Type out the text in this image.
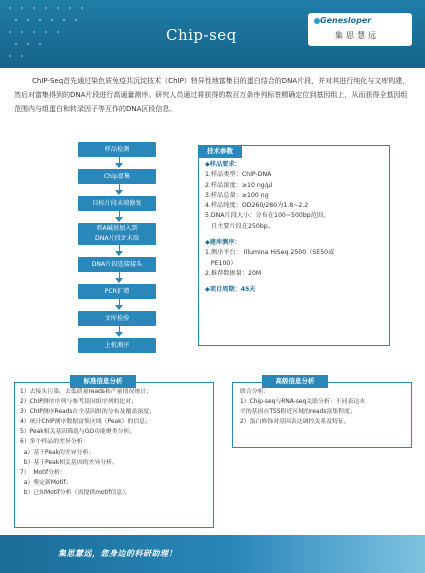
Chip-seq
Genesloper
集思慧远
ChIP-Seq首先通过染色质免疫共沉淀技术（ChIP）特异性地富集目的蛋白结合的DNA片段，并对其进行纯化与文库构建，然后对富集得到的DNA片段进行高通量测序。研究人员通过将获得的数百万条序列标签精确定位到基因组上，从而获得全基因组范围内与组蛋白和转录因子等互作的DNA区段信息。
样品检测
Chip富集
目标片段末端修复
将A碱基加入到
DNA片段3'末端
DNA片段连接接头
PCR扩增
文库检验
上机测序
技术参数
◆样品要求：
1.样品类型：ChIP-DNA
2.样品浓度：≥10 ng/μl
3.样品总量：≥100 ng
4.样品纯度：OD260/280为1.8~2.2
5.DNA片段大小：分布在100~500bp范围，
且主要片段在250bp。
◆建库测序：
1.测序平台： Illumina HiSeq 2500（SE50或
PE100）
2.推荐数据量：20M
◆项目周期：45天
标准信息分析
1）去接头污染，去低质量reads和产量情况统计；
2）ChIP测序序列与参考基因组序列的比对；
3）ChIP测序Reads在全基因组的分布及覆盖深度；
4）统计ChIP测序数据富集区域（Peak）的信息；
5）Peak相关基因筛选与GO功能聚类分析；
6）多个样品的差异分析：
a）基于Peak的差异分析；
b）基于Peak相关基因的差异分析。
7）  Motif分析：
a）鉴定新Motif；
b）已知Motif分析（需提供motif信息）。
高级信息分析
联合分析：
1）Chip-seq与RNA-seq关联分析：不同表达水
平的基因在TSS附近区域的reads富集程度；
2）蛋白修饰对基因表达调控关系及特征。
集思慧远，您身边的科研助理！
